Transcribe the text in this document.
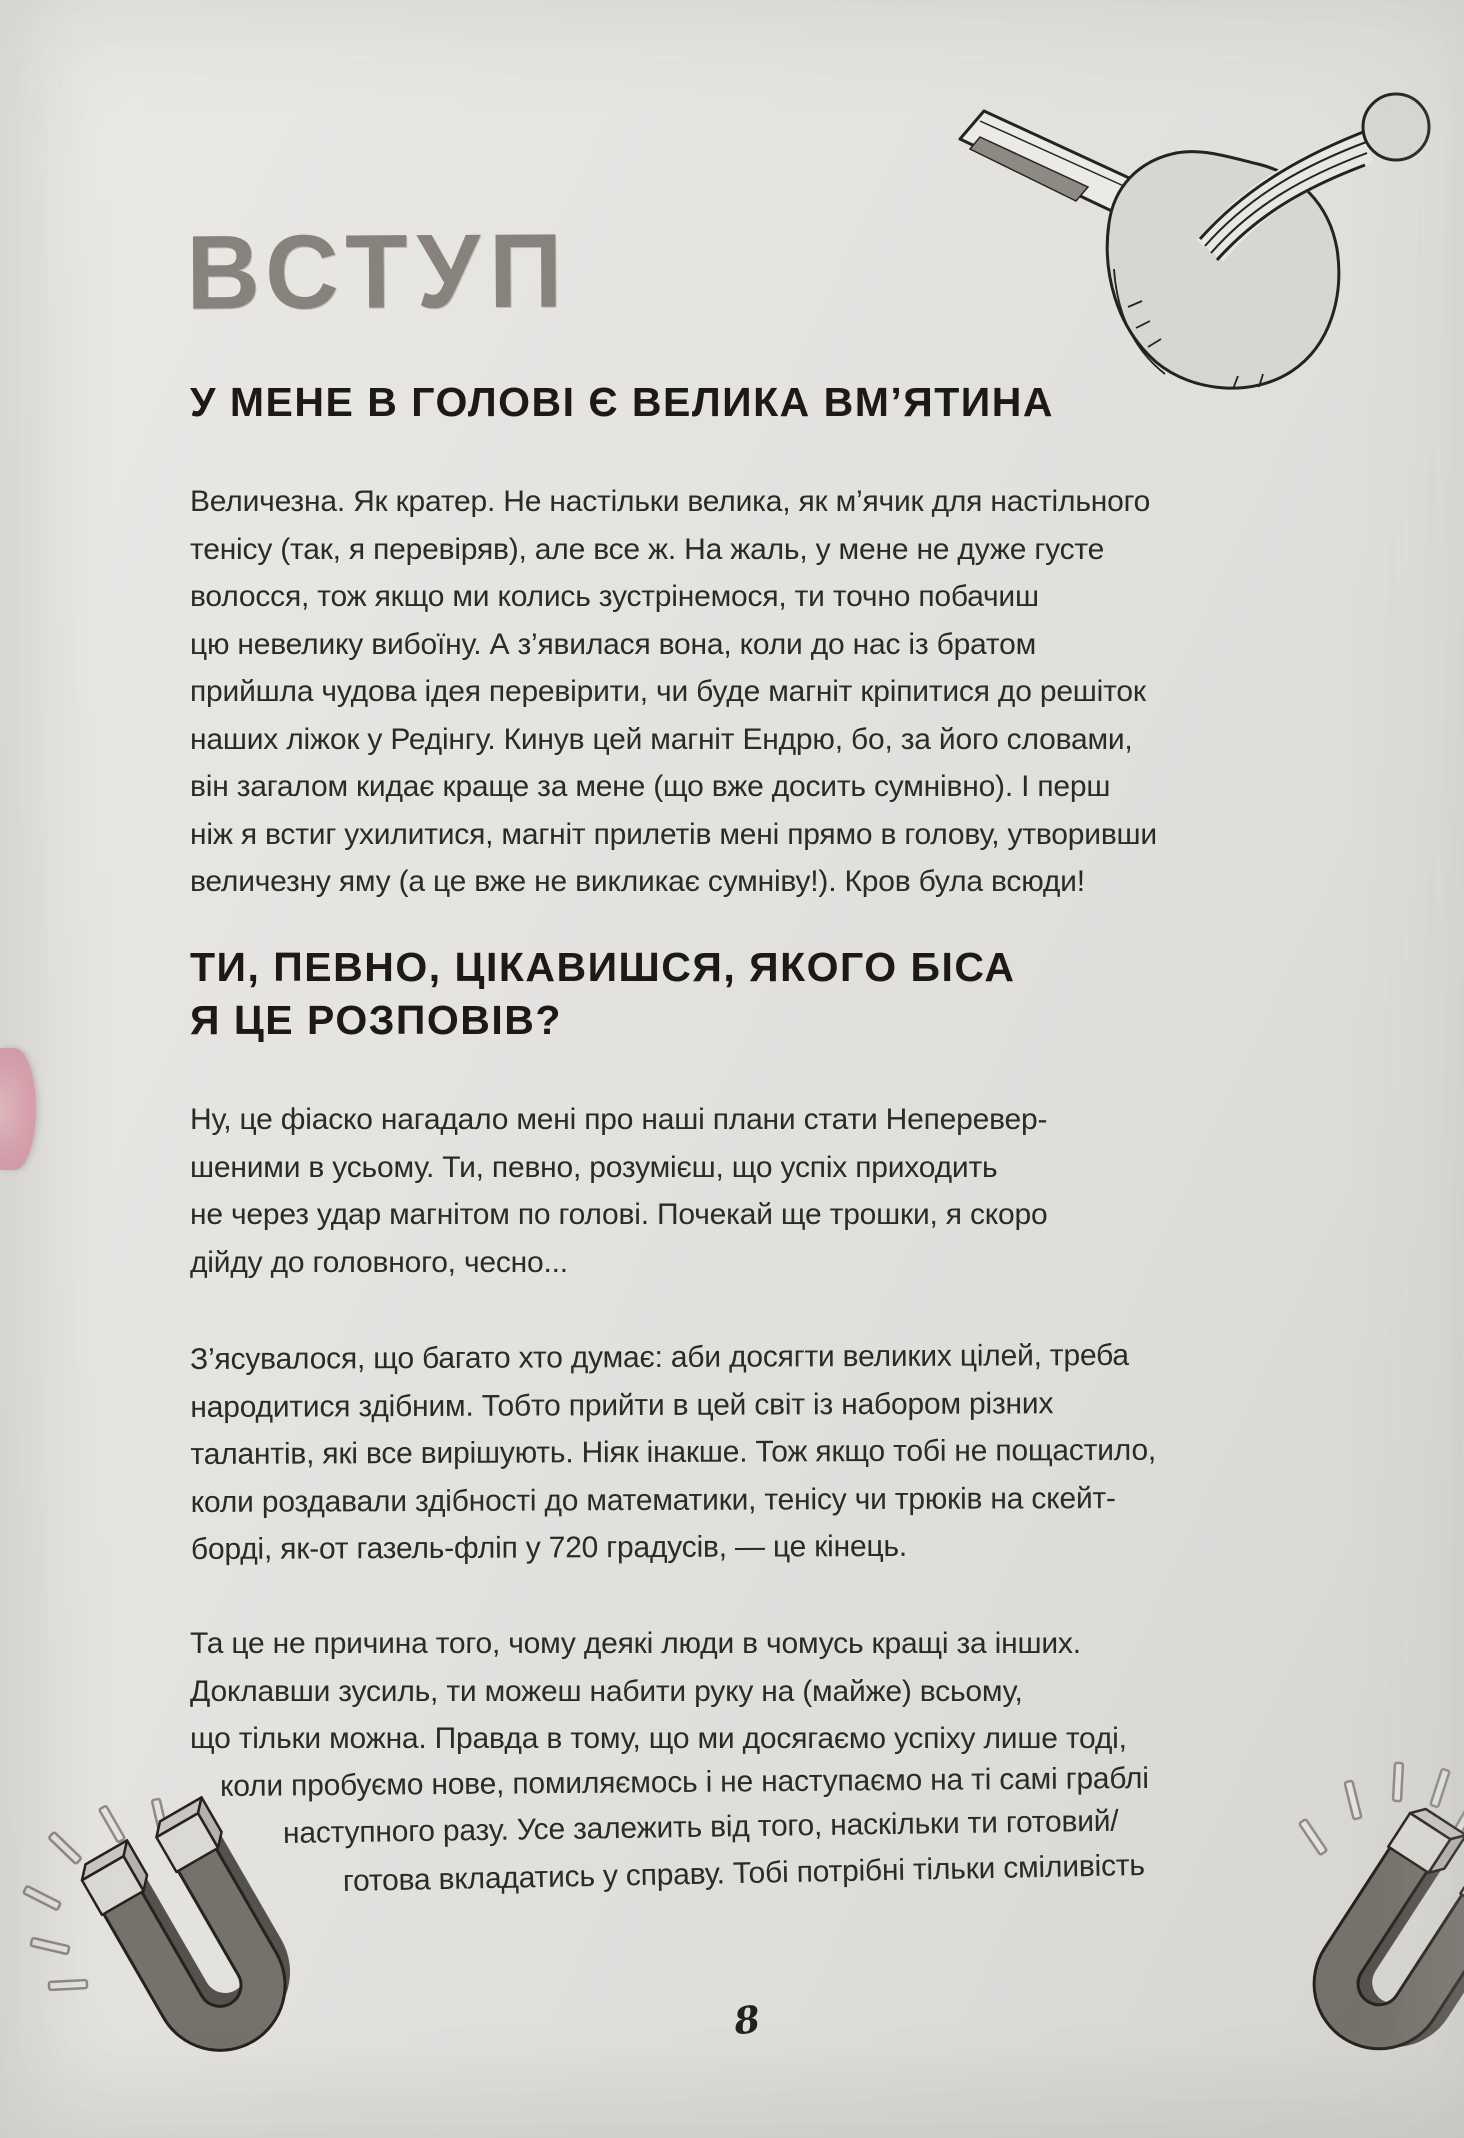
ВСТУП
У МЕНЕ В ГОЛОВІ Є ВЕЛИКА ВМ’ЯТИНА
Величезна. Як кратер. Не настільки велика, як м’ячик для настільного
тенісу (так, я перевіряв), але все ж. На жаль, у мене не дуже густе
волосся, тож якщо ми колись зустрінемося, ти точно побачиш
цю невелику вибоїну. А з’явилася вона, коли до нас із братом
прийшла чудова ідея перевірити, чи буде магніт кріпитися до решіток
наших ліжок у Редінгу. Кинув цей магніт Ендрю, бо, за його словами,
він загалом кидає краще за мене (що вже досить сумнівно). І перш
ніж я встиг ухилитися, магніт прилетів мені прямо в голову, утворивши
величезну яму (а це вже не викликає сумніву!). Кров була всюди!
ТИ, ПЕВНО, ЦІКАВИШСЯ, ЯКОГО БІСА
Я ЦЕ РОЗПОВІВ?
Ну, це фіаско нагадало мені про наші плани стати Неперевер-
шеними в усьому. Ти, певно, розумієш, що успіх приходить
не через удар магнітом по голові. Почекай ще трошки, я скоро
дійду до головного, чесно...
З’ясувалося, що багато хто думає: аби досягти великих цілей, треба
народитися здібним. Тобто прийти в цей світ із набором різних
талантів, які все вирішують. Ніяк інакше. Тож якщо тобі не пощастило,
коли роздавали здібності до математики, тенісу чи трюків на скейт-
борді, як-от газель-фліп у 720 градусів, — це кінець.
Та це не причина того, чому деякі люди в чомусь кращі за інших.
Доклавши зусиль, ти можеш набити руку на (майже) всьому,
що тільки можна. Правда в тому, що ми досягаємо успіху лише тоді,
коли пробуємо нове, помиляємось і не наступаємо на ті самі граблі
наступного разу. Усе залежить від того, наскільки ти готовий/
готова вкладатись у справу. Тобі потрібні тільки сміливість
8
